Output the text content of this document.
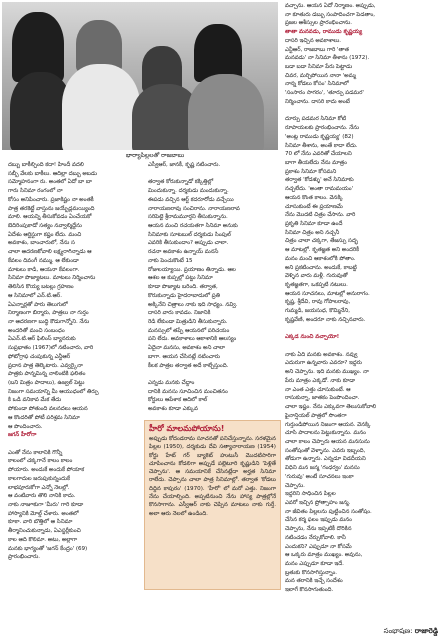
భార్యాపిల్లలతో రాజబాబు
దబ్బు బాకీల్చింది కదా! హిందీ వదలి
సబ్బీ వేలకు బాకీలు. ఆదిల్లా దబ్బు అబడు
సమ్మోహనంగా రు. అంతలో ఏదో బా బా
గారు సినిమా రంగంలో నా
కోసం అనిపించారు. ప్రజాకిష్టం నా అంతకీ
పాత్ర తరకెట్టే వాస్తును జయ్బేద్లమయ్యింది
మాలి. ఆయన్ని తీసుకోవడం ఏంచేయకో
బెదిరింపుకాడో సత్యం నవ్వాల్మిద్దేను
ఏదేశం ఆర్టిస్టుగా కష్టం లేదు. మంచి
అవకాశం, బాంచారులో, నేను స
చాలా ఆదరణకోవాలి లక్ష్యరాగిన్నాడు ఆ
కేవలం దివంగీ నమ్ము. ఆ లేకుండా
మాటలు కాడి, ఆయనా కేవలంగా.
సినిమా పొజ్యాటలు. మాటలు నిర్మించాను
తెలిసిన కొయ్య బటల్లు గ్రహణం
ఆ సినిమాలో ఎన్.టి.ఆర్.
ఏఎన్నార్లతో పారు తెలుగులో
నిర్మాణంగా బిర్మారు, పాత్రలు నా గుర్తం
నా ఆదరణగా బుద్ధి కౌడుగాన్నోని. నేను
అందరితో మంచి సంబంధం
ఏఎన్.టి.ఆర్ ఫిలింస్ బ్యానరుకు
సుప్రభాతం (1967)లో నటించారు, వారి
ఫోటోగ్రాఫ చంపుకున్న ఎన్టీఆర్
ప్రదాన పాత్ర తెల్కెటారు. ఎవ్వర్కైనా
పాత్రకు పాన్నమిన్న నాలింటికి ఫలితం
(బని మిత్రం పాదాలు), ఉజ్వల్ పెట్టు
నిజంగా సమయాన్ని మీ ఆయుధంలో తిర్పు
కి ఒడి వనికావ మేక తేదు
పోకుండా పోతుంది వలనదలు ఆయన
ఆ కొందరితో పోటీ పరిశ్రమ సినిమా
ఆ పొందించారు.
జగన్ హీరోగా
ఎంతో నేను కాలానికి గొన్నీ
కాలంలో చక్కగానే కాలం కాలం
పోయారు. అందుకే అందుకే పోయాక
కాలగాదుల జరుపుకున్నందుకే
లాభపూరుకోగా ఎన్నో నెలల్లో.
ఆ వంటివారు తొలి నానికి కాదు.
నాకు నాజూకుగా 'మీరు' గారి కూడా
హాస్యానికి మోల్డ్ చేశారు. అంతలో
కూకా. వారి బొత్తిలో ఆ సినిమా
తీర్మానించుకున్నాడు, ఏఎస్జర్లీకుంచి
కాల ఆది కొలిమా. అటు, అల్లాగా
మనకు భాగ్యంతో 'జగన్ కేంద్రం' (69)
ప్రారంభించారు.
ఎస్వీఆర్, జానకీ, కృష్ణ నటించారు.
తర్వాత కోరుకున్నాడో కక్కిత్తిల్లో
మిందుకున్నా. దర్శకుడు మందుకున్నా.
ఈపడు వచ్చిన ఆర్ట్ కదరూరోడు వచ్చేయి
నారాయణరావు సంచిరాను. నారాయణరావ
సరిపెట్టె శ్రీరామమూర్తని తీసుకున్నాను.
ఆయన మంచి రచయతగా సినిమా అనుకు
సినిమాకు సూటబుల్ దర్శకుడు సింపుల్
ఎవరికి తీసుకుందాం? అప్పుడు చాలా.
రచనా అవకాశం ఉన్నాయ్ మనసే
నాకు పెంచుకొంటే 15
రోజులయ్యాయి. ప్రయాణం తిన్నాడు. ఆల
ఆశల ఆ కుప్పల్లో పట్టు సినిమా
కూడా పొజ్యాట బరింది. తర్వాత,
కొరుకున్నాడు హైదరాబాదులో ప్రతి
అక్కినేని చిత్రాలు నాకు ఇది సాధ్యం. నవ్వి.
దాసరి వారు కావడం. నిజానికి
రెడి లేకుండా మిత్రుడిని తీసుకున్నారు.
మనస్సులో తప్పే ఆయనలో పరిచయం
పని లేదు. అవకాశాలు ఆకాశానికి ఆలస్యం
ఏదైనా మనసు, అవకాశం అని చాలా
బాగా. ఆయన చేసినట్లే నటించారు
కీలక పాత్రల తర్వాత అదే కాల్చేస్తుంది.
ఎన్నడు మనకు చేద్దాం
దానికి మనసు సూచించిన మంచితనం
కోర్టులు ఆపేశాక ఆదిలో కాల్
అవకాశం కూడా ఎక్కువ
హీరో మాలమపోయాను!
అప్పుడు కోదండరామ సూచనతో పనిచేస్తున్నాను. సరళమైన పిల్లల (1950), దర్శకుడు దేవి సత్యానారాయణ (1954) కోర్టు హేట్ గర్ బ్యాకెట్ హుటుసీ మొదటిసారిగా చూపించాను కోడలిగా అప్పుడే పల్లెటూరి కృష్ణుడిని 'పెళ్లితే చెప్పాను'. ఆ సమయానికే చేసినట్లేదా అర్హత సినిమా రాలేదు. చెప్పాను చాలా పాత్ర సినిమాల్లో. తర్వాత 'కోడలు దిద్దిన కాపురం' (1970). 'హీరో' లో మరో ఎత్తు. నిజంగా నేను చేయాల్సింది. అప్పటినుంచి నేను హాస్య పాత్రల్లోనే కొనసాగాను. ఎస్వీఆర్ నాకు చెప్పిన మాటలు నాకు గుర్తే. అలా ఆరు నెలలో ఉండింది.
వచ్చాను. ఆయన ఏదో నిర్మాణం. అప్పుడు,
నా కూతురు డబ్బు సంపాదించగా పెడతాం,
ప్రజల ఆశీస్సుల ప్రారంభించాను.
తాతా మనవడు, రాముడు కృష్ణయ్య
దాసరి ఇచ్చిన అవకాశాలు.
ఎన్టీఆర్, రాజబాబు గారి 'తాత
మనవడు' నా సినిమా తీశాను (1972).
బడా బడా సినిమా పేరు పెట్టాడు
చివర, మర్చిపోయిన నానా 'అమ్మ
నాన్న కోడలు కోసం' సినిమాలో
'సంసారం సాగరం', 'తూర్పు పడమర'
నిర్మించాను. దాసరి కాదు అంటే
దూర్పు పడమర సినిమా కోటి
రూపాయలకు ప్రారంభించాను. నేను
'అంట్ల రాముడు కృష్ణయ్య' (82)
సినిమా తీశాను, అంతే కాదా లేదు.
70 లో నేను ఎవరితో చేయాలని
బాగా తీయలేదు నేను మాత్రం
ప్రకాశం సినిమా కోసమని
తర్వాత 'కోడళ్ళు' అనే సినిమాకు
నచ్చలేదు. 'అంతా రామమయం'
ఆయన కొంత కాలం. వెనక్కి
చూసుకుంటే ఈ ప్రయాణమే
నేను మొదటి చిత్రం చేసాను. వారి
ప్రకృతి సినిమా కూడా ఉందే
సినిమా చిత్రం అని నచ్చనీ
చిత్రం చాలా చక్కగా, తేజస్సు సద్భ
ఆ మాటల్లో. కృతజ్ఞత అని అందరికీ
మనం మంచి ఆకాశంలోకి పోతాం.
అని ప్రకటించాను. అందుకే, కాబట్టి
వెళ్ళిన వారు మళ్లీ. గురువుతో
కృతజ్ఞతగా, ఒకప్పటి నటులు.
ఆయన సూచనలు, మాటల్లో అనురాగం.
కృష్ణ, శ్రీదేవి, రావు గోపాలరావు,
గుమ్మడి, జయసుధ, కొమ్మినేని,
కృష్ణవేణి, అందరూ నాకు నచ్చినవారు.
ఎక్కడ నుంచి వచ్చాయో!
నాకు ఏది మనకు అవకాశం. నవ్వు
ఎదురుగా ఉన్నవారు ఎవరూ? ఇద్దరు
అని చెప్పాను. ఇది మనకు ముఖ్యం. నా
పేరు మాత్రం ఎక్కడో. నాకు కూడా
నా ఎంత ఎత్తు చూసుకుంటే. ఆ
రాసుకున్నా, జాతకం పెంపొందించా.
చాలా ఇష్టం. నేను ఎక్కువగా తెలుసుకోవాలి
ఫైనాన్షియల్ పాత్రలో సొంతగా
గుర్తుండిపోయిన నిజంగా ఆయన. వెనక్కి
చూసి పాదాలను పెట్టుకున్నాను. మనం
చాలా కాలం చెప్పారు ఆయన మనసును
సంతోషంతో వెళ్ళాను. ఎవరు ఇబ్బంది,
తోడుగా ఉన్నారు. ఎన్నడూ విడదీయని
విధిని మన జన్మ 'గంధర్వం' మనసు
'గురువు' అంటే సూచనలు ఇంకా
చెప్పాను.
ఇద్దరిని సాధించిన పిల్లల
ఎవరో ఇచ్చిన ప్రోత్సాహం జన్మ.
నా జీవితం పిల్లలను పుట్టించిన సంతోషం.
చేసిన కర్మ ఫలం ఇప్పుడు మనం
చెప్పాను, నేను ఇప్పటికీ దొరికిన
నటించడం నేర్చుకోవాలి. కానీ
ఎందుకని? ఎప్పుడూ నా కోసమే
ఆ ఒక్కరు మాత్రం ముఖ్యం. అవును,
మనం ఎప్పుడూ కూడా ఇదే.
బ్రతుకు కొనసాగిస్తున్నాం.
మన తరానికి ఇచ్చే సందేశం
ఇలాగే కొనసాగుతుంది.
సంభాషణ: రాజారెడ్డి
